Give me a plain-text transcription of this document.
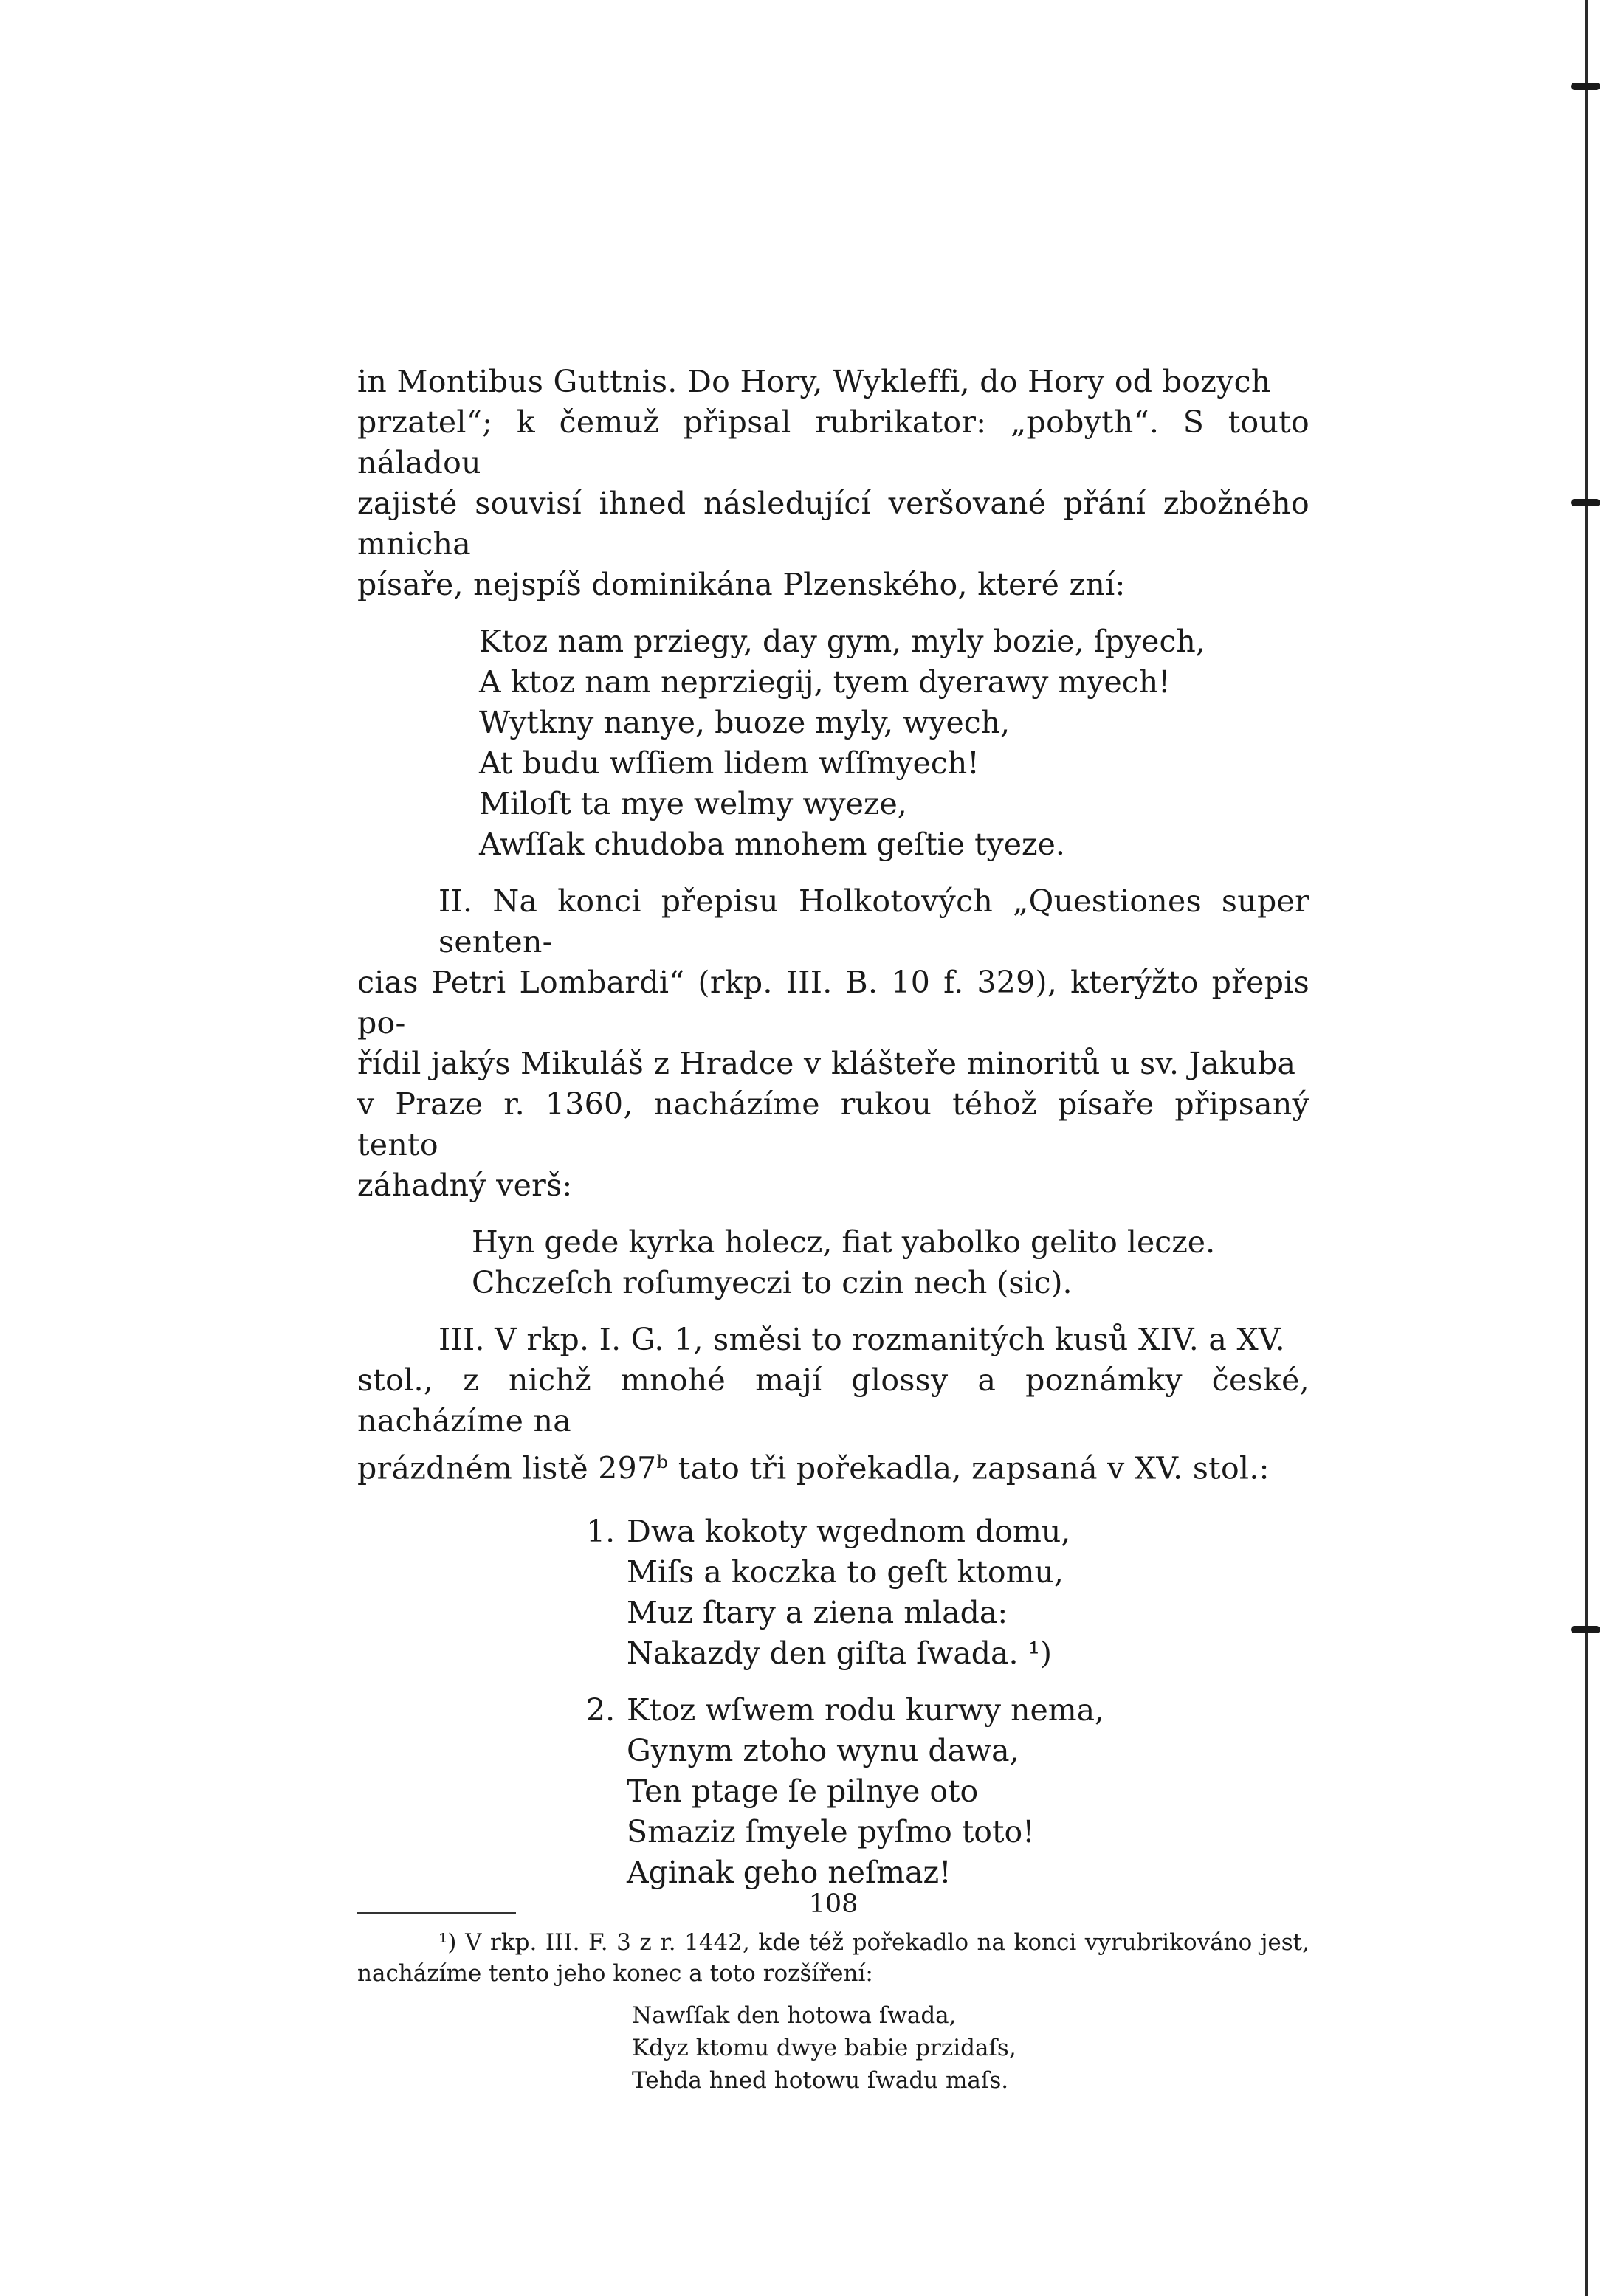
in Montibus Guttnis. Do Hory, Wykleffi, do Hory od bozych
przatel“; k čemuž připsal rubrikator: „pobyth“. S touto náladou
zajisté souvisí ihned následující veršované přání zbožného mnicha
písaře, nejspíš dominikána Plzenského, které zní:

Ktoz nam przіegy, day gym, myly bozie, ſpyech,
A ktoz nam neprziegij, tyem dyerawy myech!
Wytkny nanye, buoze myly, wyech,
At budu wſſiem lidem wſſmyech!
Miloſt ta mye welmy wyeze,
Awſſak chudoba mnohem geſtie tyeze.

II. Na konci přepisu Holkotových „Questiones super senten-
cias Petri Lombardi“ (rkp. III. B. 10 f. 329), kterýžto přepis po-
řídil jakýs Mikuláš z Hradce v klášteře minoritů u sv. Jakuba
v Praze r. 1360, nacházíme rukou téhož písaře připsaný tento
záhadný verš:

Hyn gede kyrka holecz, fiat yabolko gelito lecze.
Chczeſch roſumyeczi to czin nech (sic).

III. V rkp. I. G. 1, směsi to rozmanitých kusů XIV. a XV.
stol., z nichž mnohé mají glossy a poznámky české, nacházíme na
prázdném listě 297$^b$ tato tři pořekadla, zapsaná v XV. stol.:

1. Dwa kokoty wgednom domu,
Miſs a koczka to geſt ktomu,
Muz ſtary a ziena mlada:
Nakazdy den giſta ſwada. ¹)
2. Ktoz wſwem rodu kurwy nema,
Gynym ztoho wynu dawa,
Ten ptage ſe pilnye oto
Smaziz ſmyele pyſmo toto!
Aginak geho neſmaz!

¹) V rkp. III. F. 3 z r. 1442, kde též pořekadlo na konci vyrubrikováno jest, nacházíme tento jeho konec a toto rozšíření:

Nawſſak den hotowa ſwada,
Kdyz ktomu dwye babie przidaſs,
Tehda hned hotowu ſwadu maſs.
108
